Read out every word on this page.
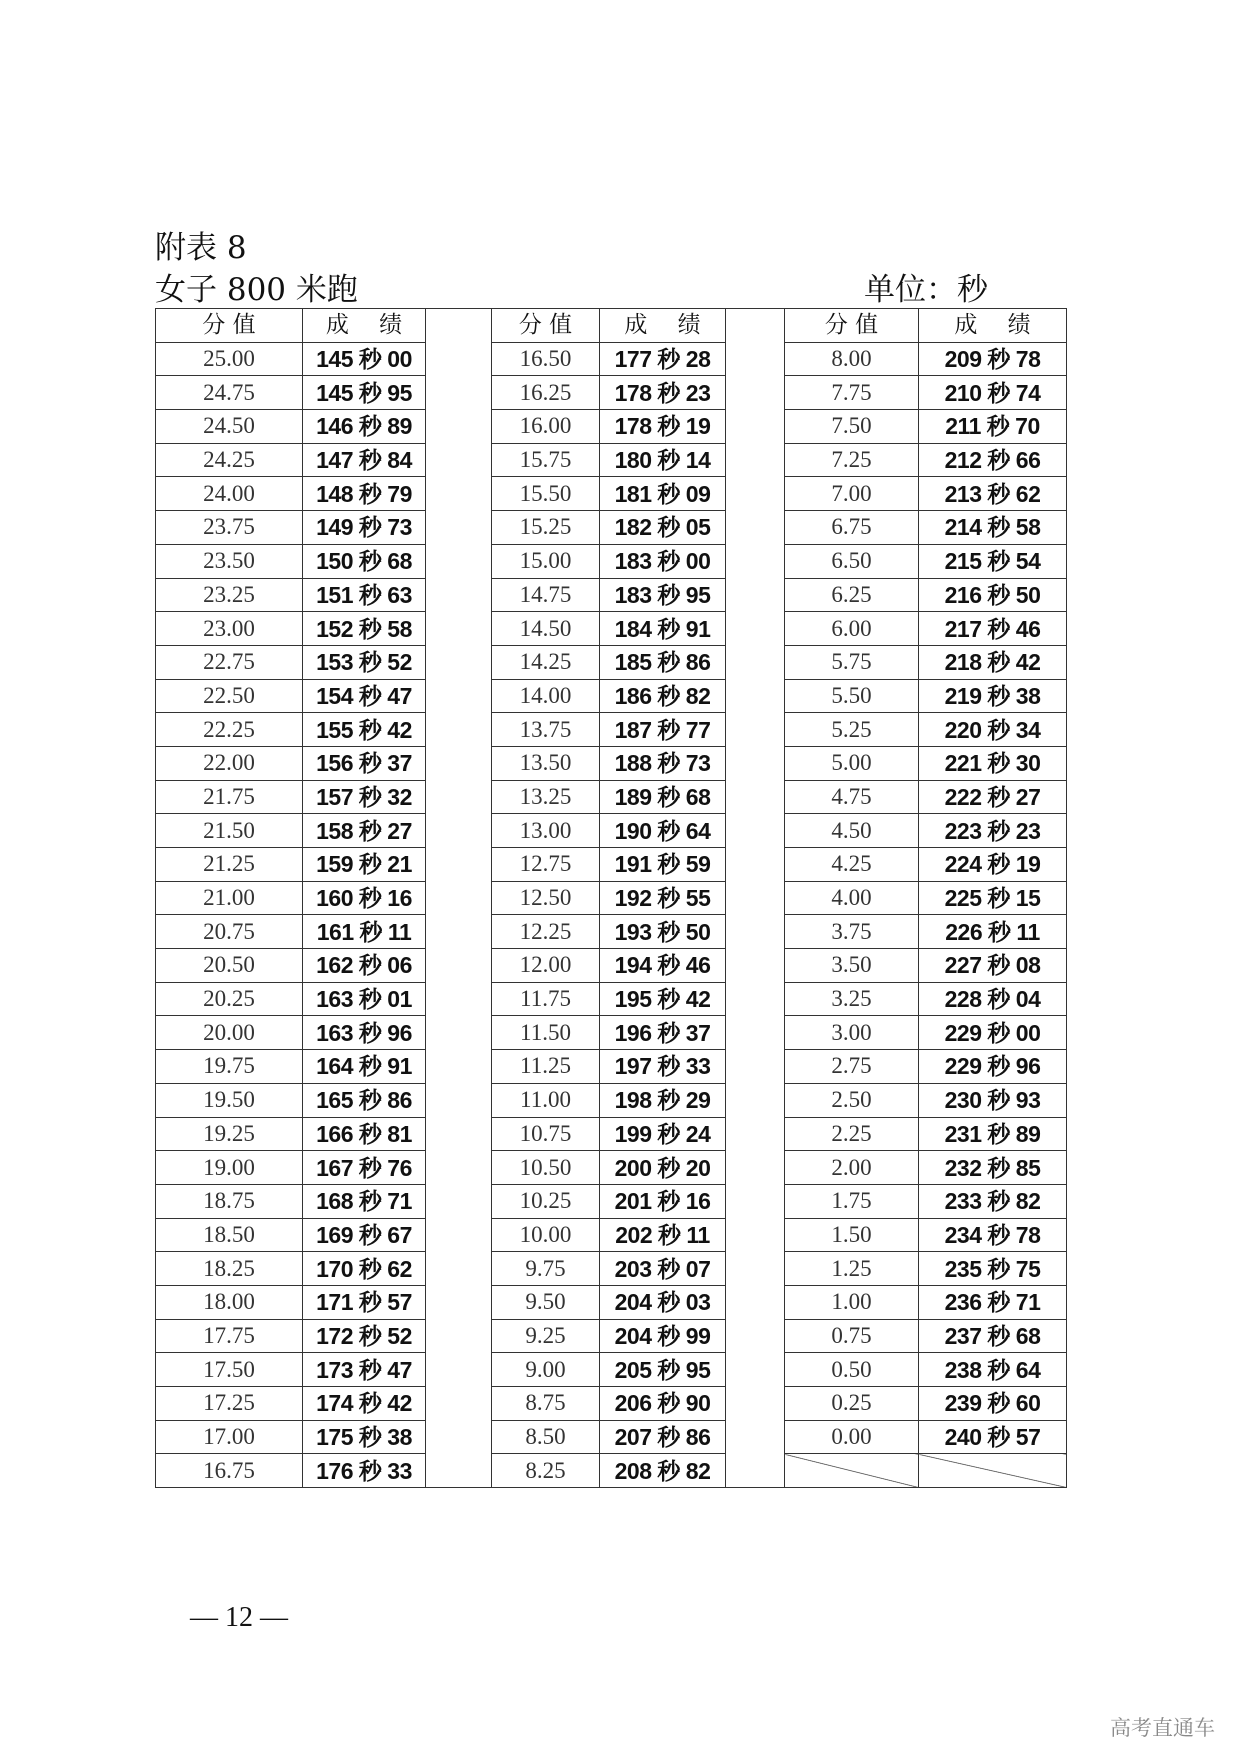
附表 8
女子 800 米跑	单位：秒
分 值	成　 绩		分 值	成　 绩		分 值	成　 绩
25.00	145 秒 00		16.50	177 秒 28		8.00	209 秒 78
24.75	145 秒 95		16.25	178 秒 23		7.75	210 秒 74
24.50	146 秒 89		16.00	178 秒 19		7.50	211 秒 70
24.25	147 秒 84		15.75	180 秒 14		7.25	212 秒 66
24.00	148 秒 79		15.50	181 秒 09		7.00	213 秒 62
23.75	149 秒 73		15.25	182 秒 05		6.75	214 秒 58
23.50	150 秒 68		15.00	183 秒 00		6.50	215 秒 54
23.25	151 秒 63		14.75	183 秒 95		6.25	216 秒 50
23.00	152 秒 58		14.50	184 秒 91		6.00	217 秒 46
22.75	153 秒 52		14.25	185 秒 86		5.75	218 秒 42
22.50	154 秒 47		14.00	186 秒 82		5.50	219 秒 38
22.25	155 秒 42		13.75	187 秒 77		5.25	220 秒 34
22.00	156 秒 37		13.50	188 秒 73		5.00	221 秒 30
21.75	157 秒 32		13.25	189 秒 68		4.75	222 秒 27
21.50	158 秒 27		13.00	190 秒 64		4.50	223 秒 23
21.25	159 秒 21		12.75	191 秒 59		4.25	224 秒 19
21.00	160 秒 16		12.50	192 秒 55		4.00	225 秒 15
20.75	161 秒 11		12.25	193 秒 50		3.75	226 秒 11
20.50	162 秒 06		12.00	194 秒 46		3.50	227 秒 08
20.25	163 秒 01		11.75	195 秒 42		3.25	228 秒 04
20.00	163 秒 96		11.50	196 秒 37		3.00	229 秒 00
19.75	164 秒 91		11.25	197 秒 33		2.75	229 秒 96
19.50	165 秒 86		11.00	198 秒 29		2.50	230 秒 93
19.25	166 秒 81		10.75	199 秒 24		2.25	231 秒 89
19.00	167 秒 76		10.50	200 秒 20		2.00	232 秒 85
18.75	168 秒 71		10.25	201 秒 16		1.75	233 秒 82
18.50	169 秒 67		10.00	202 秒 11		1.50	234 秒 78
18.25	170 秒 62		9.75	203 秒 07		1.25	235 秒 75
18.00	171 秒 57		9.50	204 秒 03		1.00	236 秒 71
17.75	172 秒 52		9.25	204 秒 99		0.75	237 秒 68
17.50	173 秒 47		9.00	205 秒 95		0.50	238 秒 64
17.25	174 秒 42		8.75	206 秒 90		0.25	239 秒 60
17.00	175 秒 38		8.50	207 秒 86		0.00	240 秒 57
16.75	176 秒 33		8.25	208 秒 82			
— 12 —
高考直通车
